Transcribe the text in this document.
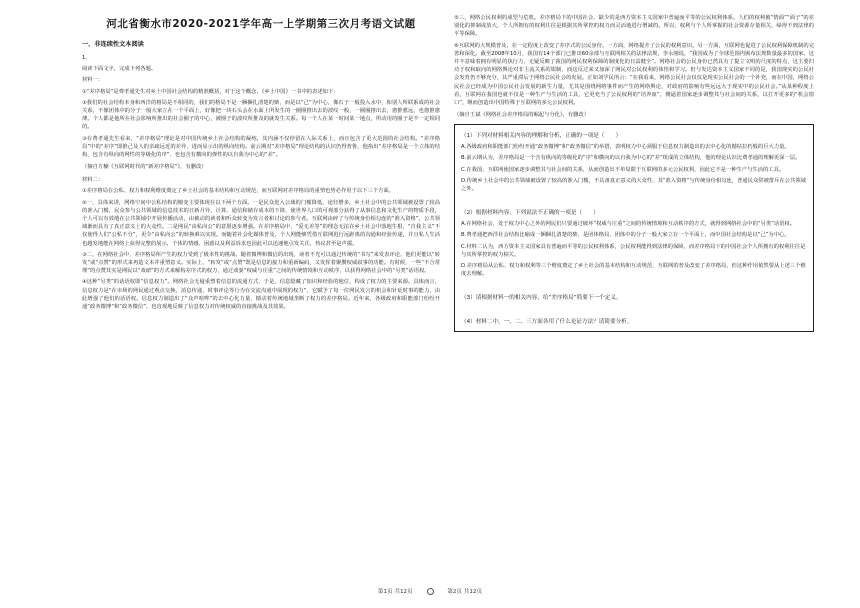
河北省衡水市2020-2021学年高一上学期第三次月考语文试题
一、非连续性文本阅读

1.

阅读下面文字，完成下列各题。

材料一：

①“差序格局”是费孝通先生对乡土中国社会结构的精准概括，对于这个概念，《乡土中国》一书中的表述如下：

②我们的社会结构本身和西洋的格局是不相同的，我们的格局不是一捆捆扎清楚的柴，而是以“己”为中心，像石子一般投入水中，和别人所联系成的社会关系，不像团体中的分子一般大家立在一个平面上，好像把一块石头丢在水面上所发生的一圈圈推出去的波纹一般，一圈圈推出去，愈推愈远，也愈推愈薄。个人都是他所在社会影响所推出的社会圈子的中心，被圈子的波纹所推及的就发生关系。每一个人在某一时间某一地点，所动用的圈子是不一定相同的。

③在费孝通先生看来，“差序格局”理论是对中国传统乡土社会结构的凝练，其内涵不仅停留在人际关系上，而且包含了更大范围的社会结构。“差序格局”中的“差序”即推己及人的亲疏远近的差异，进而显示出的纵向结构。前云期对“差序格局”理论结构的认识仍得普鲁，他指出“差序格局是一个立体的结构，包含有纵向的网性的等级化的序”，也包含有横向的弹性的以自我为中心的“差”。

（摘自方楠《互联网时代的“新差序格局”》，有删改）

材料二：

①差序格局在公私、权力和权利维度奠定了乡土社会的基本结构和互动规范，而互联网对差序格局的重塑也势必作用于以下三个方面。

②一，具体来讲，网络空间中公私结构的嬗变主要体现在以下两个方面。一是民众进入公域的门槛降低，途径增多。乡土社会中的公共领域被设置了较高的准入门槛，民众参与公共领域的信息技术的日新月异，计算、通信和储存成本的下降，使世界人口的可观部分获得了从事信息和文化生产的物质手段，个人可以有效地在公共领域中开展传播活动，由被动的读者和听众转变为发言者和讨论的参与者。互联网由碎了与传统身份相勾连的“准入资格”，公共领域渐而具有了真正意义上的大众性。二是网民“由私向公”的意愿逐步增强。在差序格局中，“爱无差等”的理念无法在乡土社会中落地生根，“自我主义”不仅使得人们“公私不分”，更令“由私向公”的转换难以实现。而随着社会化媒体普及，个人网能够凭借互联网进行远距离的沟通和经验传递，并且私人生活也越发地能在网络上获得完整的展示，个体的情感、困惑以及利益诉求也因此可以迅速地引发关注，热议甚至是声援。

③二，在网络社会中，差序格局所产生的权力受到了极本性的挑战。随着微博和微信的出现，读者不光可以通过传统的“书写”来发表评论，他们更能以“转发”或“点赞”的形式来再造文本并重塑意义。实际上，“转发”或“点赞”既是信息的接力和重新编码，又发挥着聚攒权威叙事的功能。有时候，一些“不合常理”的点赞其实是网民以“戏谑”的方式来解构差序式的权力，通过戏耍“权威与庄重”之间的传统情境和互动秩序，以获得网络社会中的“另类”话语权。

④这种“另类”的话语权即“信息权力”。网络社会无疑重塑着信息的流通方式，于是，信息隐藏了知识和经验的地位，构成了权力的主要来源。具体而言，信息权力是“在市场的网民通过观点交换，消息传递，时事评论等行为在交流沟通中展现的权力”，它赋予了每一位网民发言的机会和针砭时事的能力，由此增强了他们的话语权。信息权力制造出了“众声喧哗”的去中心化力量，撼动着传统地域垄断了权力的差序格局。近年来，各级政府和职能部门纷纷开通“政务微博”和“政务微信”，也直观地反映了信息权力对传统权威的直接挑战及其效果。

⑤三，网络公民权利的成型与危机。差序格局下的中国社会，缺少的是西方资本主义国家中普遍而平等的公民权利体系。人们的权利被“情面”“面子”的差别化的抑制或放大，个人所拥有的权利往往是根据其所掌控的权力而灵活地进行增减的。所以，权利与个人所掌握的社会资源存量相关，绿得不到法律的平等保障。

⑥互联网的大规模普及，在一定程度上改变了差序式的公民身份。一方面，网络提升了公民的权利意识。另一方面，互联网也促进了公民权利保障机制的完善和深化。截至2008年10月，我国有14个部门已推出60余部与互联网相关的法律法规，李永刚说，“我国成为了全球范围内颁布法规数量最多的国家，这并不意味着拥有明显的执行力，无疑反映了我国的网民权利保障的制度化的日益健全”。网络社会的公民身份已然具有了提立文明的尺度的特点，这主要归功于权和取向的网络舆论对非主流关系的钳制，而这反过来又加深了网民对公民权利的体悟和学习。但与发达资本主义国家不同的是，我国现实的公民社会发育仍不够充分，其严重滞后于网络公民社会的发展。正如刘学民所言：“在我看来，网络公民社会仅仅是现实公民社会的一个补充，而在中国，网络公民社会已经成为中国公民社会发展的新生力量，尤其是围绕网络事件而产生的网络舆论，对政府的影响有些远远大于现实中的公民社会。”从某种程度上看，互联网在我国也就不仅是一种生产与生活的工具，它更充当了公民权利的“培养皿”，側逼着国家逐步调整其与社会间的关系，以打开更多的“机会窗口”，继而创造出中国特殊于互联网的多元公民权利。

（摘自王斌《网络社会差序格局的崛起与分化》，有删改）
（1）下列对材料相关内容的理解和分析，正确的一项是（　　）
A.各级政府和职能部门纷纷开通“政务微博”和“政务微信”的举措，表明权力中心须服于信息权力制造出的去中心化的撼枯拉朽般的巨大力量。
B.前云期认为，差序格局是一个含有纵向的等级化的“序”和横向的以自我为中心的“差”组成的立体结构，他的理论认识比费孝通的理解更深一层。
C.在我国，互联网使国家逐步调整其与社会间的关系，从而创造出不单局限于互联网的多元公民权利，因此它不是一种生产与生活的工具。
D.传统乡土社会中的公共领域被设置了较高的准入门槛，不具备真正意义的大众性，其“准入资格”与传统身份相勾连，普通民众常被排斥在公共领域之外。
（2）根据材料内容，下列说法不正确的一项是（　　）
A.在网络社会，处于权力中心之外的网民们只要通过破坏“权威与庄重”之间的传统情境和互动秩序的方式，就得到网络社会中的“另类”话语权。
B.费孝通把西洋社会结构比喻成一捆捆扎清楚的柴，是团体格局，团体中的分子一般大家立在一个平面上，而中国社会结构是以“己”为中心。
C.材料二认为，西方资本主义国家具有普遍而平等的公民权利体系，公民权利能得到法律的保障，而差序格局下的中国社会个人所拥有的权利往往是与其所掌控的权力相关。
D.差序格局从公私、权力和权利等三个维度奠定了乡土社会的基本结构和互动规范，互联网的普及改变了差序格局，但这种作用依然要从上述三个维度去理解。
（3）请根据材料一的相关内容，给“差序格局”简要下一个定义。
（4）材料二中，一、二、三方面各用了什么论证方法？请简要分析。
第1页 共12页	第2页 共12页
